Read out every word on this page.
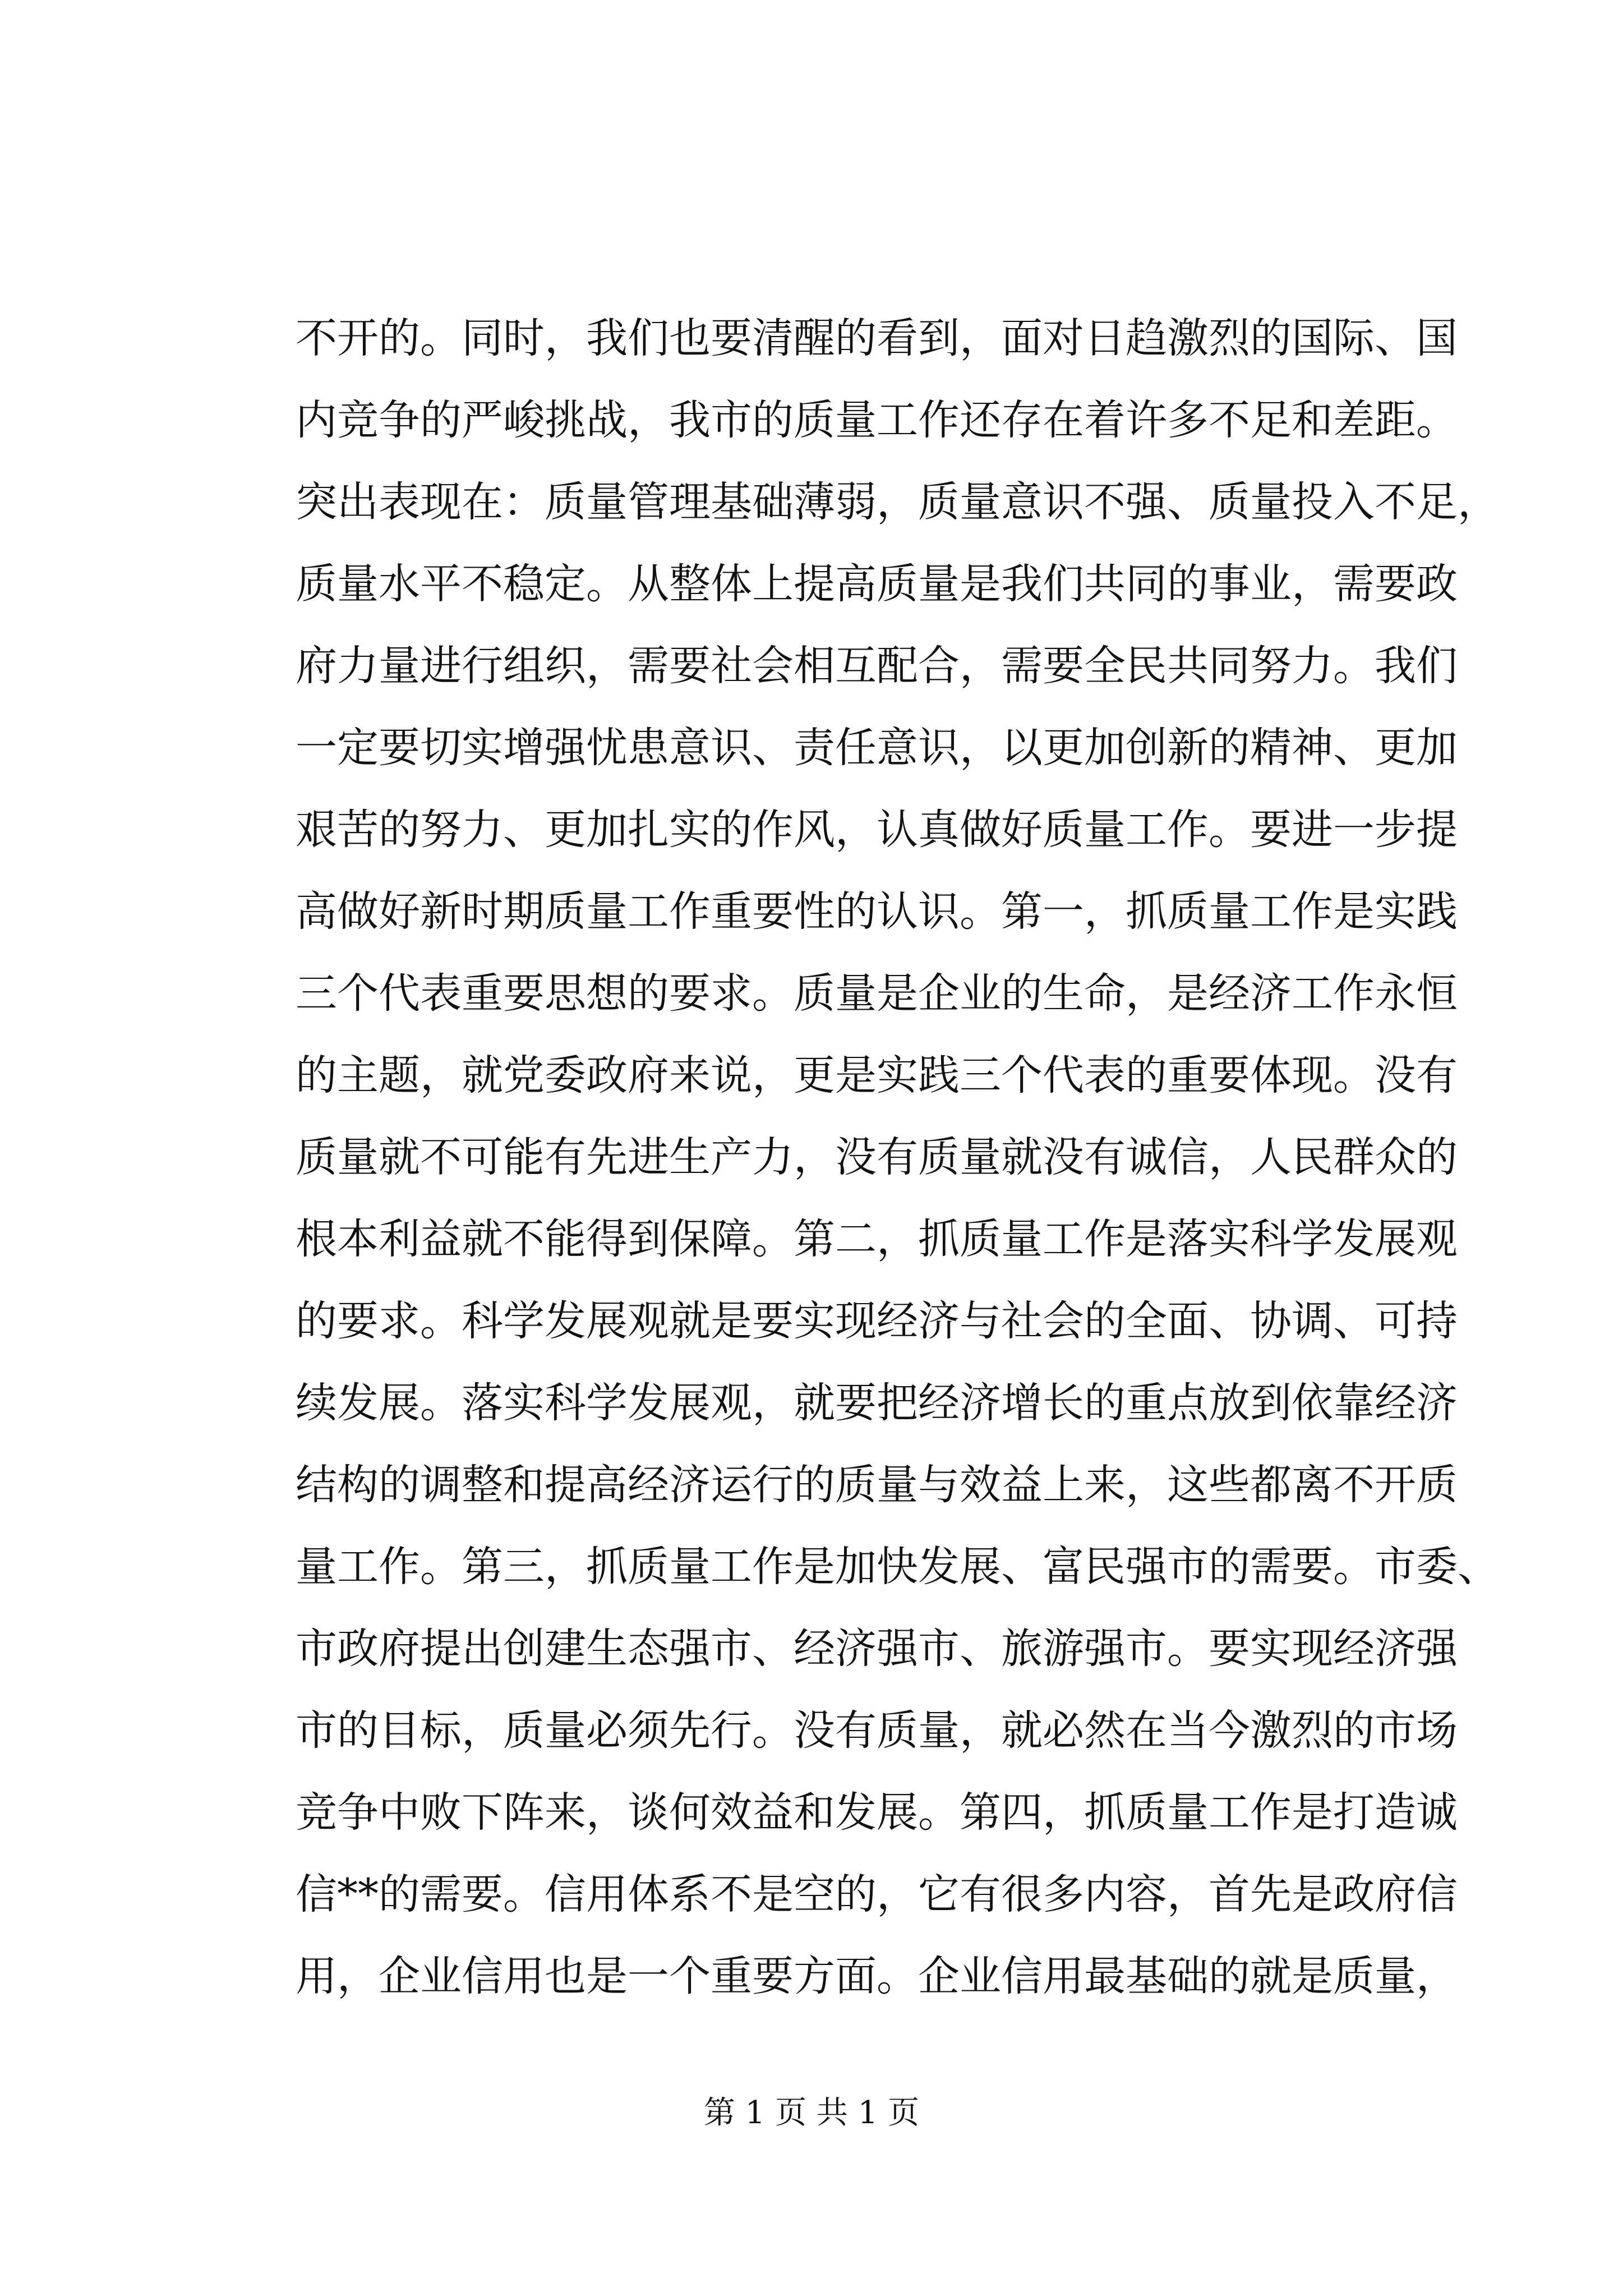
不开的。同时，我们也要清醒的看到，面对日趋激烈的国际、国
内竞争的严峻挑战，我市的质量工作还存在着许多不足和差距。
突出表现在：质量管理基础薄弱，质量意识不强、质量投入不足，
质量水平不稳定。从整体上提高质量是我们共同的事业，需要政
府力量进行组织，需要社会相互配合，需要全民共同努力。我们
一定要切实增强忧患意识、责任意识，以更加创新的精神、更加
艰苦的努力、更加扎实的作风，认真做好质量工作。要进一步提
高做好新时期质量工作重要性的认识。第一，抓质量工作是实践
三个代表重要思想的要求。质量是企业的生命，是经济工作永恒
的主题，就党委政府来说，更是实践三个代表的重要体现。没有
质量就不可能有先进生产力，没有质量就没有诚信，人民群众的
根本利益就不能得到保障。第二，抓质量工作是落实科学发展观
的要求。科学发展观就是要实现经济与社会的全面、协调、可持
续发展。落实科学发展观，就要把经济增长的重点放到依靠经济
结构的调整和提高经济运行的质量与效益上来，这些都离不开质
量工作。第三，抓质量工作是加快发展、富民强市的需要。市委、
市政府提出创建生态强市、经济强市、旅游强市。要实现经济强
市的目标，质量必须先行。没有质量，就必然在当今激烈的市场
竞争中败下阵来，谈何效益和发展。第四，抓质量工作是打造诚
信**的需要。信用体系不是空的，它有很多内容，首先是政府信
用，企业信用也是一个重要方面。企业信用最基础的就是质量，
第 1 页 共 1 页
